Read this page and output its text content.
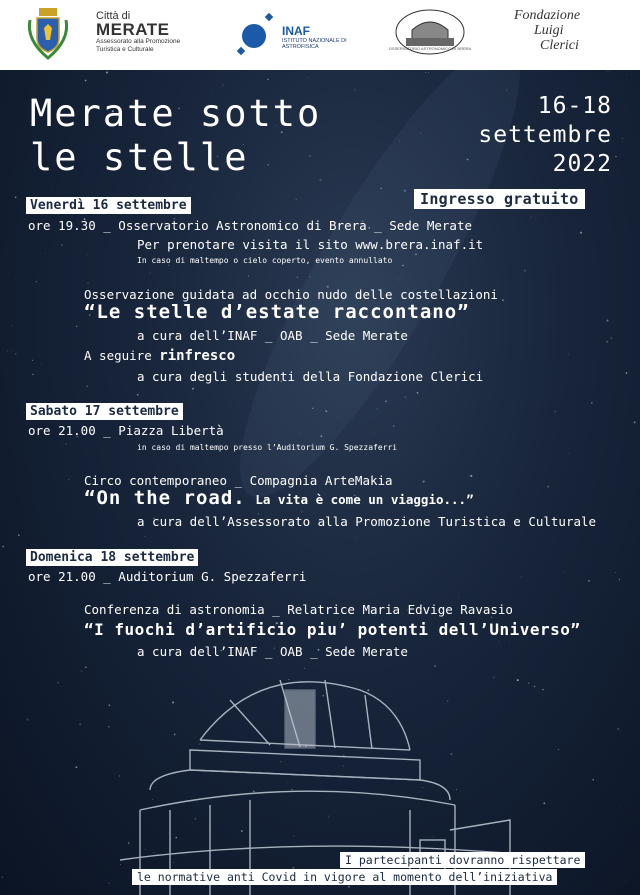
Città di
MERATE
Assessorato alla Promozione Turistica e Culturale
INAF
ISTITUTO NAZIONALE DI ASTROFISICA	OSSERVATORIO ASTRONOMICO DI BRERA
Fondazione
Luigi
Clerici
Merate sotto
le stelle
16-18
settembre
2022
Ingresso gratuito
Venerdì 16 settembre
ore 19.30 _ Osservatorio Astronomico di Brera _ Sede Merate
Per prenotare visita il sito www.brera.inaf.it
In caso di maltempo o cielo coperto, evento annullato
Osservazione guidata ad occhio nudo delle costellazioni
“Le stelle d’estate raccontano”
a cura dell’INAF _ OAB _ Sede Merate
A seguire rinfresco
a cura degli studenti della Fondazione Clerici
Sabato 17 settembre
ore 21.00 _ Piazza Libertà
in caso di maltempo presso l’Auditorium G. Spezzaferri
Circo contemporaneo _ Compagnia ArteMakia
“On the road. La vita è come un viaggio...”
a cura dell’Assessorato alla Promozione Turistica e Culturale
Domenica 18 settembre
ore 21.00 _ Auditorium G. Spezzaferri
Conferenza di astronomia _ Relatrice Maria Edvige Ravasio
“I fuochi d’artificio piu’ potenti dell’Universo”
a cura dell’INAF _ OAB _ Sede Merate
I partecipanti dovranno rispettare
le normative anti Covid in vigore al momento dell’iniziativa
